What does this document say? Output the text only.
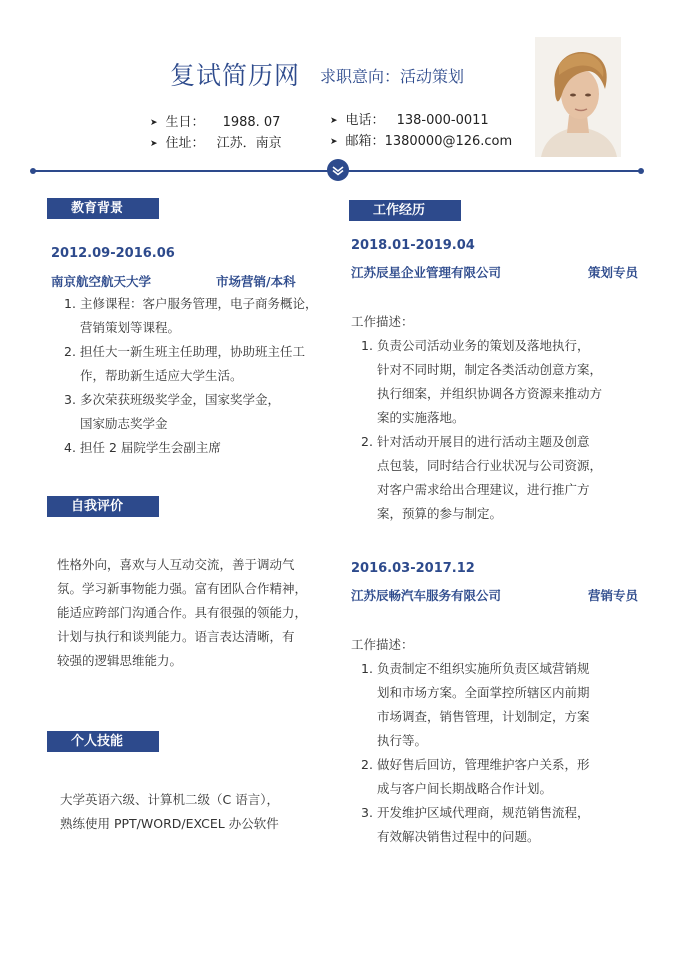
复试简历网 求职意向：活动策划
➤ 生日： 1988. 07
➤ 住址： 江苏．南京
➤ 电话： 138-000-0011
➤ 邮箱：1380000@126.com
教育背景
2012.09-2016.06
南京航空航天大学	市场营销/本科
1. 主修课程：客户服务管理，电子商务概论，
营销策划等课程。
2. 担任大一新生班主任助理，协助班主任工
作，帮助新生适应大学生活。
3. 多次荣获班级奖学金，国家奖学金，
国家励志奖学金
4. 担任 2 届院学生会副主席
自我评价
性格外向，喜欢与人互动交流，善于调动气
氛。学习新事物能力强。富有团队合作精神，
能适应跨部门沟通合作。具有很强的领能力，
计划与执行和谈判能力。语言表达清晰，有
较强的逻辑思维能力。
个人技能
大学英语六级、计算机二级（C 语言），
熟练使用 PPT/WORD/EXCEL 办公软件
工作经历
2018.01-2019.04
江苏辰星企业管理有限公司	策划专员
工作描述：
1. 负责公司活动业务的策划及落地执行，
针对不同时期，制定各类活动创意方案，
执行细案，并组织协调各方资源来推动方
案的实施落地。
2. 针对活动开展目的进行活动主题及创意
点包装，同时结合行业状况与公司资源，
对客户需求给出合理建议，进行推广方
案，预算的参与制定。
2016.03-2017.12
江苏辰畅汽车服务有限公司	营销专员
工作描述：
1. 负责制定不组织实施所负责区域营销规
划和市场方案。全面掌控所辖区内前期
市场调查，销售管理，计划制定，方案
执行等。
2. 做好售后回访，管理维护客户关系，形
成与客户间长期战略合作计划。
3. 开发维护区域代理商，规范销售流程，
有效解决销售过程中的问题。
